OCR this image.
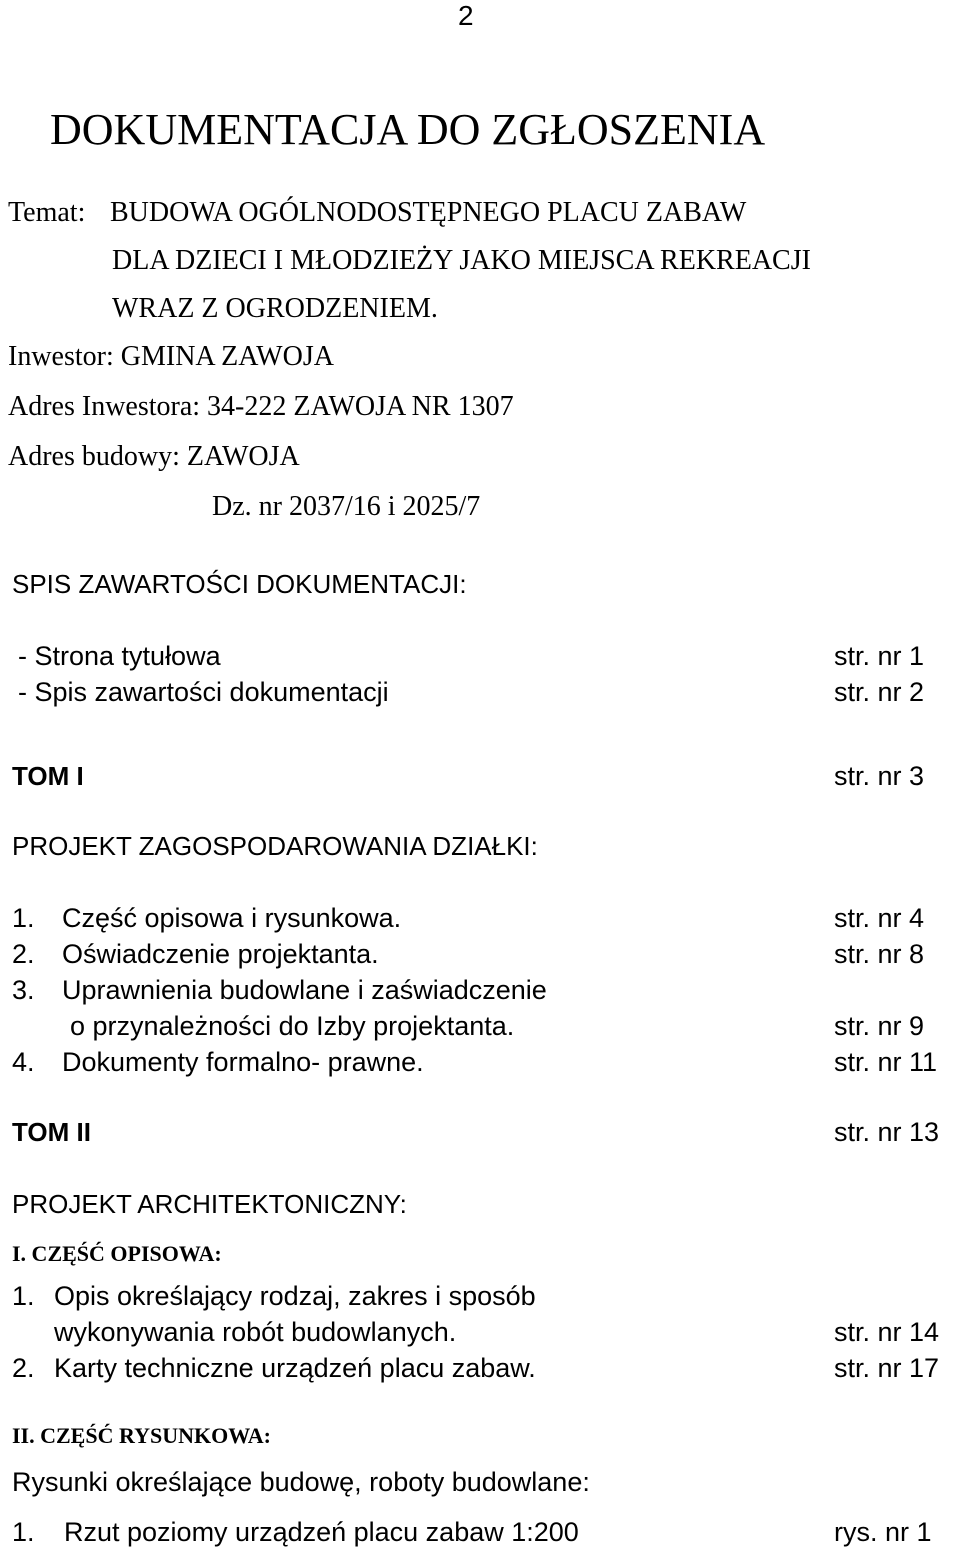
2
DOKUMENTACJA DO ZGŁOSZENIA
Temat: BUDOWA OGÓLNODOSTĘPNEGO PLACU ZABAW
DLA DZIECI I MŁODZIEŻY JAKO MIEJSCA REKREACJI
WRAZ Z OGRODZENIEM.
Inwestor: GMINA ZAWOJA
Adres Inwestora: 34-222 ZAWOJA NR 1307
Adres budowy: ZAWOJA
Dz. nr 2037/16 i 2025/7
SPIS ZAWARTOŚCI DOKUMENTACJI:
- Strona tytułowa	str. nr 1
- Spis zawartości dokumentacji	str. nr 2
TOM I	str. nr 3
PROJEKT ZAGOSPODAROWANIA DZIAŁKI:
1. Część opisowa i rysunkowa.	str. nr 4
2. Oświadczenie projektanta.	str. nr 8
3. Uprawnienia budowlane i zaświadczenie
o przynależności do Izby projektanta.	str. nr 9
4. Dokumenty formalno- prawne.	str. nr 11
TOM II	str. nr 13
PROJEKT ARCHITEKTONICZNY:
I. CZĘŚĆ OPISOWA:
1. Opis określający rodzaj, zakres i sposób
wykonywania robót budowlanych.	str. nr 14
2. Karty techniczne urządzeń placu zabaw.	str. nr 17
II. CZĘŚĆ RYSUNKOWA:
Rysunki określające budowę, roboty budowlane:
1. Rzut poziomy urządzeń placu zabaw 1:200	rys. nr 1
